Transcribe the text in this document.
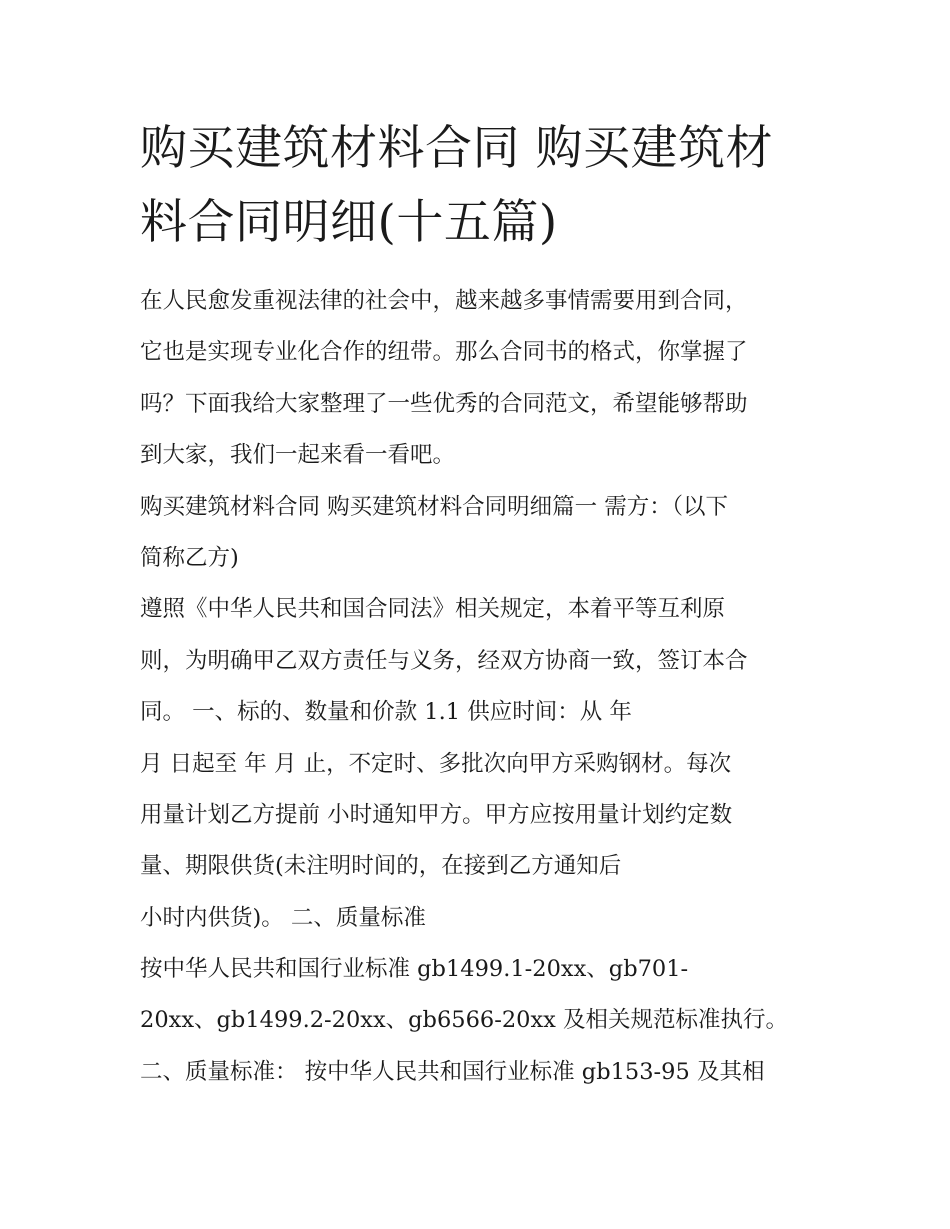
购买建筑材料合同 购买建筑材
料合同明细(十五篇)
在人民愈发重视法律的社会中，越来越多事情需要用到合同，
它也是实现专业化合作的纽带。那么合同书的格式，你掌握了
吗？下面我给大家整理了一些优秀的合同范文，希望能够帮助
到大家，我们一起来看一看吧。
购买建筑材料合同 购买建筑材料合同明细篇一 需方：（以下
简称乙方)
遵照《中华人民共和国合同法》相关规定，本着平等互利原
则，为明确甲乙双方责任与义务，经双方协商一致，签订本合
同。 一、标的、数量和价款 1.1 供应时间：从 年
月 日起至 年 月 止，不定时、多批次向甲方采购钢材。每次
用量计划乙方提前 小时通知甲方。甲方应按用量计划约定数
量、期限供货(未注明时间的，在接到乙方通知后
小时内供货)。 二、质量标准
按中华人民共和国行业标准 gb1499.1-20xx、gb701-
20xx、gb1499.2-20xx、gb6566-20xx 及相关规范标准执行。
二、质量标准： 按中华人民共和国行业标准 gb153-95 及其相
